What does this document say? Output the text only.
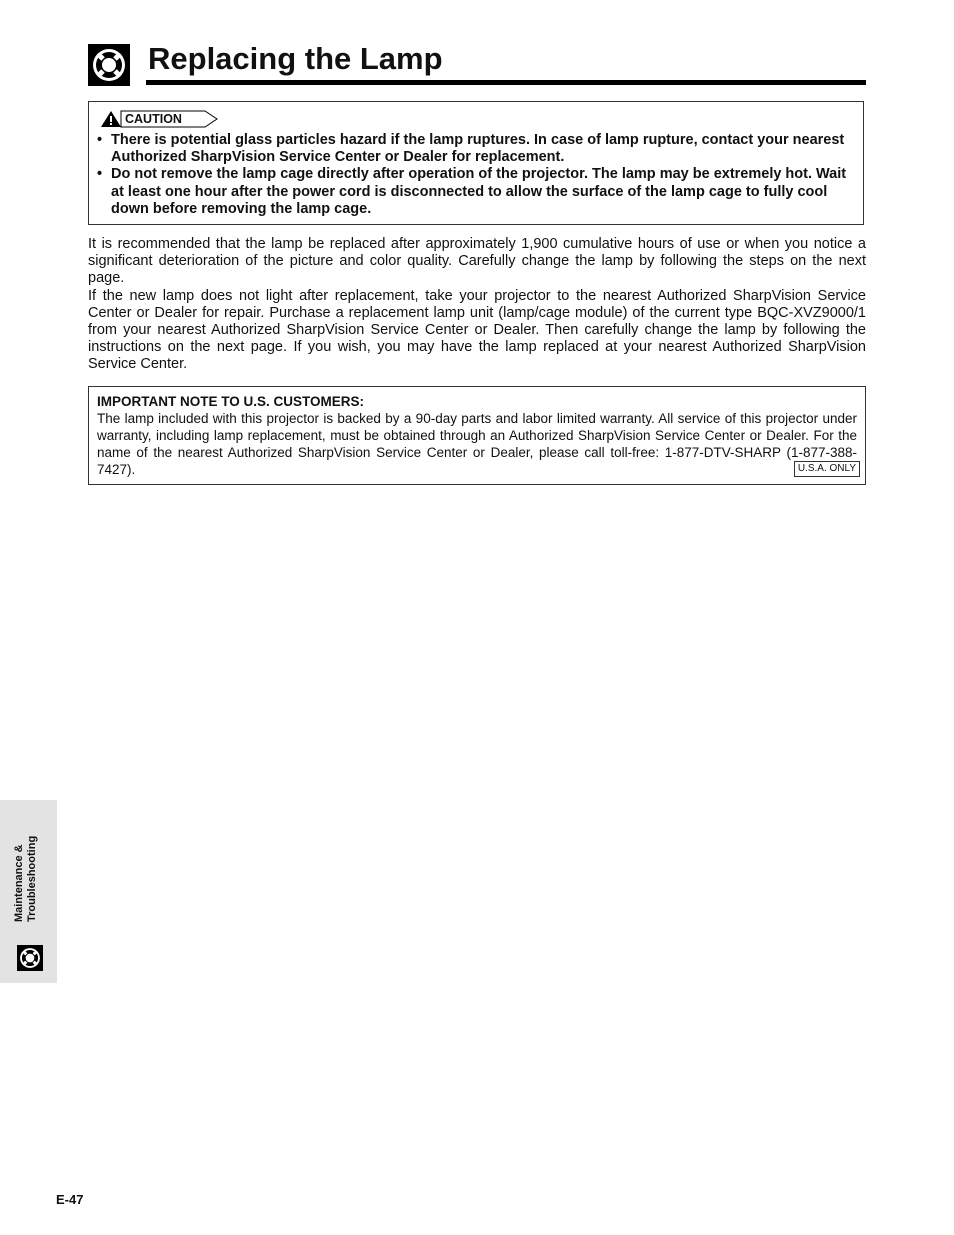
Replacing the Lamp
CAUTION
• There is potential glass particles hazard if the lamp ruptures. In case of lamp rupture, contact your nearest Authorized SharpVision Service Center or Dealer for replacement.
• Do not remove the lamp cage directly after operation of the projector. The lamp may be extremely hot. Wait at least one hour after the power cord is disconnected to allow the surface of the lamp cage to fully cool down before removing the lamp cage.

It is recommended that the lamp be replaced after approximately 1,900 cumulative hours of use or when you notice a significant deterioration of the picture and color quality. Carefully change the lamp by following the steps on the next page.

If the new lamp does not light after replacement, take your projector to the nearest Authorized SharpVision Service Center or Dealer for repair. Purchase a replacement lamp unit (lamp/cage module) of the current type BQC-XVZ9000/1 from your nearest Authorized SharpVision Service Center or Dealer. Then carefully change the lamp by following the instructions on the next page. If you wish, you may have the lamp replaced at your nearest Authorized SharpVision Service Center.

IMPORTANT NOTE TO U.S. CUSTOMERS:
The lamp included with this projector is backed by a 90-day parts and labor limited warranty. All service of this projector under warranty, including lamp replacement, must be obtained through an Authorized SharpVision Service Center or Dealer. For the name of the nearest Authorized SharpVision Service Center or Dealer, please call toll-free: 1-877-DTV-SHARP (1-877-388-7427).	U.S.A. ONLY
Maintenance & Troubleshooting
E-47
